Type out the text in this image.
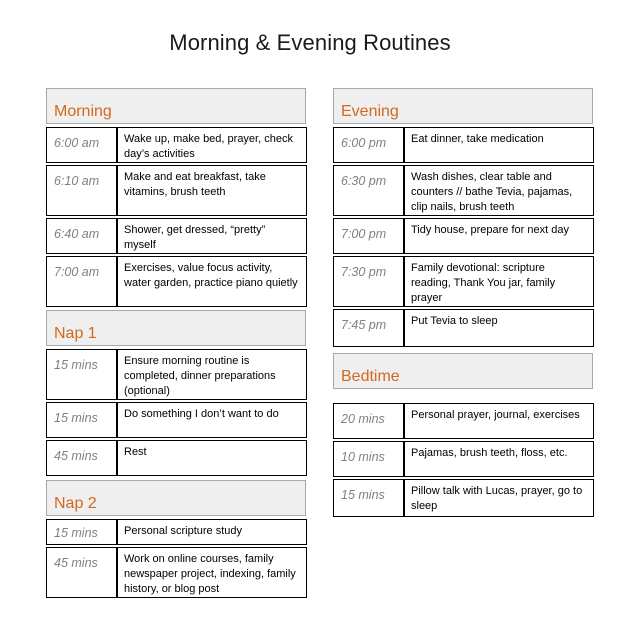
Morning & Evening Routines
Morning
6:00 am	Wake up, make bed, prayer, check day’s activities
6:10 am	Make and eat breakfast, take vitamins, brush teeth
6:40 am	Shower, get dressed, “pretty” myself
7:00 am	Exercises, value focus activity, water garden, practice piano quietly
Nap 1
15 mins	Ensure morning routine is completed, dinner preparations (optional)
15 mins	Do something I don’t want to do
45 mins	Rest
Nap 2
15 mins	Personal scripture study
45 mins	Work on online courses, family newspaper project, indexing, family history, or blog post
Evening
6:00 pm	Eat dinner, take medication
6:30 pm	Wash dishes, clear table and counters // bathe Tevia, pajamas, clip nails, brush teeth
7:00 pm	Tidy house, prepare for next day
7:30 pm	Family devotional: scripture reading, Thank You jar, family prayer
7:45 pm	Put Tevia to sleep
Bedtime
20 mins	Personal prayer, journal, exercises
10 mins	Pajamas, brush teeth, floss, etc.
15 mins	Pillow talk with Lucas, prayer, go to sleep
